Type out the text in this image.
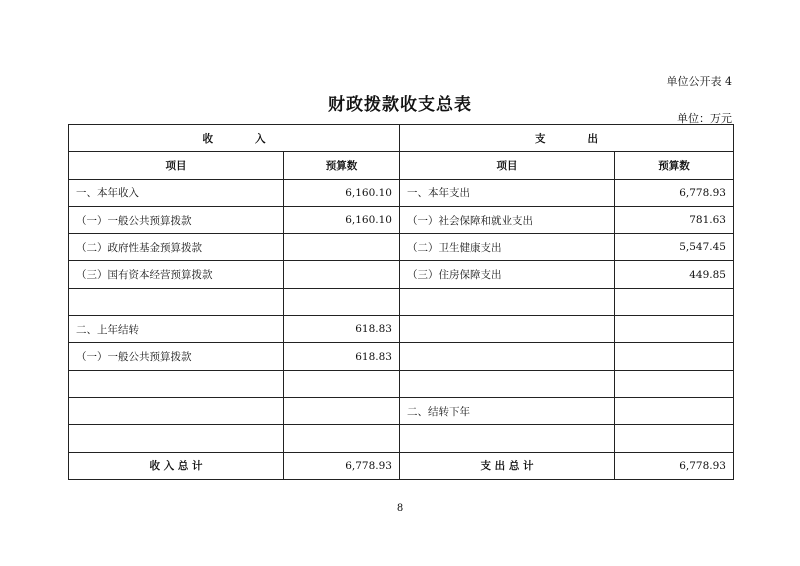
单位公开表 4
财政拨款收支总表
单位：万元
收　　　　入		支　　　　出	
项目	预算数	项目	预算数
一、本年收入	6,160.10	一、本年支出	6,778.93
（一）一般公共预算拨款	6,160.10	（一）社会保障和就业支出	781.63
（二）政府性基金预算拨款		（二）卫生健康支出	5,547.45
（三）国有资本经营预算拨款		（三）住房保障支出	449.85

二、上年结转	618.83		
（一）一般公共预算拨款	618.83		

		二、结转下年	

收 入 总 计	6,778.93	支 出 总 计	6,778.93
8
